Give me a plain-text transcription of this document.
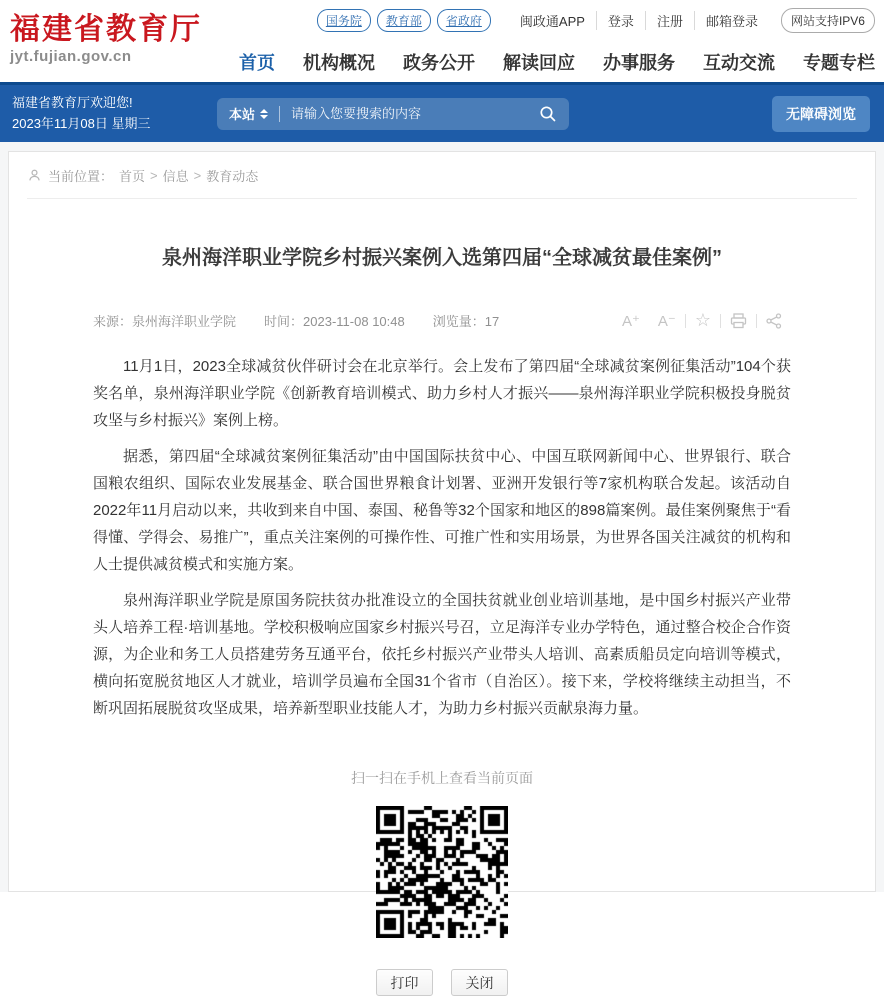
福建省教育厅
jyt.fujian.gov.cn
国务院	教育部	省政府	闽政通APP	登录	注册	邮箱登录	网站支持IPV6
首页 机构概况 政务公开 解读回应 办事服务 互动交流 专题专栏
福建省教育厅欢迎您!
2023年11月08日 星期三
本站
请输入您要搜索的内容	无障碍浏览
当前位置： 首页 > 信息 > 教育动态
泉州海洋职业学院乡村振兴案例入选第四届“全球减贫最佳案例”
来源：泉州海洋职业学院 时间：2023-11-08 10:48 浏览量：17	A⁺	A⁻	☆

11月1日，2023全球减贫伙伴研讨会在北京举行。会上发布了第四届“全球减贫案例征集活动”104个获奖名单，泉州海洋职业学院《创新教育培训模式、助力乡村人才振兴——泉州海洋职业学院积极投身脱贫攻坚与乡村振兴》案例上榜。

据悉，第四届“全球减贫案例征集活动”由中国国际扶贫中心、中国互联网新闻中心、世界银行、联合国粮农组织、国际农业发展基金、联合国世界粮食计划署、亚洲开发银行等7家机构联合发起。该活动自2022年11月启动以来，共收到来自中国、泰国、秘鲁等32个国家和地区的898篇案例。最佳案例聚焦于“看得懂、学得会、易推广”，重点关注案例的可操作性、可推广性和实用场景，为世界各国关注减贫的机构和人士提供减贫模式和实施方案。

泉州海洋职业学院是原国务院扶贫办批准设立的全国扶贫就业创业培训基地，是中国乡村振兴产业带头人培养工程·培训基地。学校积极响应国家乡村振兴号召，立足海洋专业办学特色，通过整合校企合作资源，为企业和务工人员搭建劳务互通平台，依托乡村振兴产业带头人培训、高素质船员定向培训等模式，横向拓宽脱贫地区人才就业，培训学员遍布全国31个省市（自治区）。接下来，学校将继续主动担当，不断巩固拓展脱贫攻坚成果，培养新型职业技能人才，为助力乡村振兴贡献泉海力量。

扫一扫在手机上查看当前页面
打印	关闭
